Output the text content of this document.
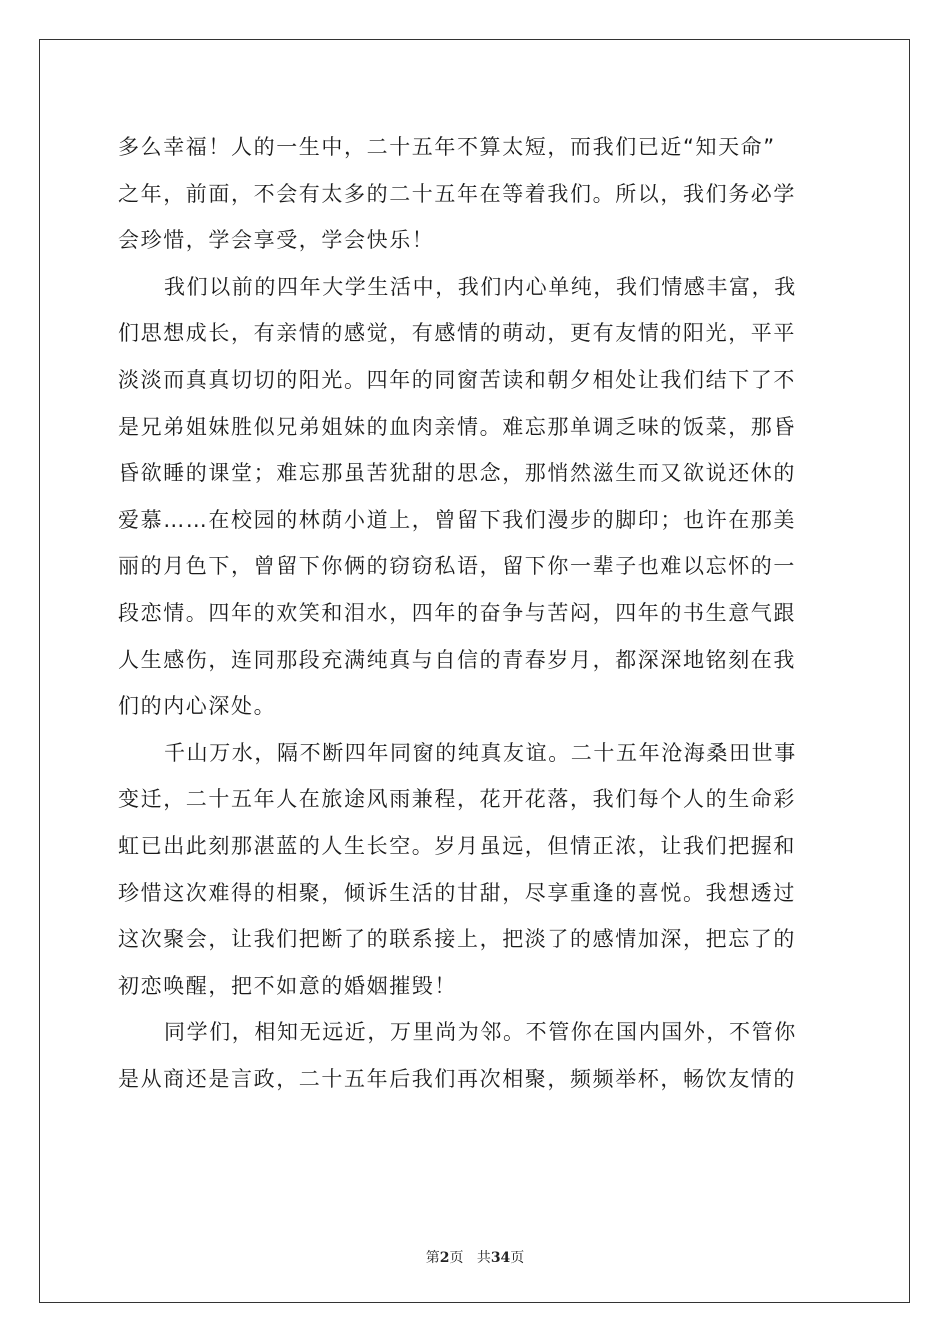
多么幸福！人的一生中，二十五年不算太短，而我们已近“知天命”
之年，前面，不会有太多的二十五年在等着我们。所以，我们务必学
会珍惜，学会享受，学会快乐！
我们以前的四年大学生活中，我们内心单纯，我们情感丰富，我
们思想成长，有亲情的感觉，有感情的萌动，更有友情的阳光，平平
淡淡而真真切切的阳光。四年的同窗苦读和朝夕相处让我们结下了不
是兄弟姐妹胜似兄弟姐妹的血肉亲情。难忘那单调乏味的饭菜，那昏
昏欲睡的课堂；难忘那虽苦犹甜的思念，那悄然滋生而又欲说还休的
爱慕……在校园的林荫小道上，曾留下我们漫步的脚印；也许在那美
丽的月色下，曾留下你俩的窃窃私语，留下你一辈子也难以忘怀的一
段恋情。四年的欢笑和泪水，四年的奋争与苦闷，四年的书生意气跟
人生感伤，连同那段充满纯真与自信的青春岁月，都深深地铭刻在我
们的内心深处。
千山万水，隔不断四年同窗的纯真友谊。二十五年沧海桑田世事
变迁，二十五年人在旅途风雨兼程，花开花落，我们每个人的生命彩
虹已出此刻那湛蓝的人生长空。岁月虽远，但情正浓，让我们把握和
珍惜这次难得的相聚，倾诉生活的甘甜，尽享重逢的喜悦。我想透过
这次聚会，让我们把断了的联系接上，把淡了的感情加深，把忘了的
初恋唤醒，把不如意的婚姻摧毁！
同学们，相知无远近，万里尚为邻。不管你在国内国外，不管你
是从商还是言政，二十五年后我们再次相聚，频频举杯，畅饮友情的
第2页 共34页
